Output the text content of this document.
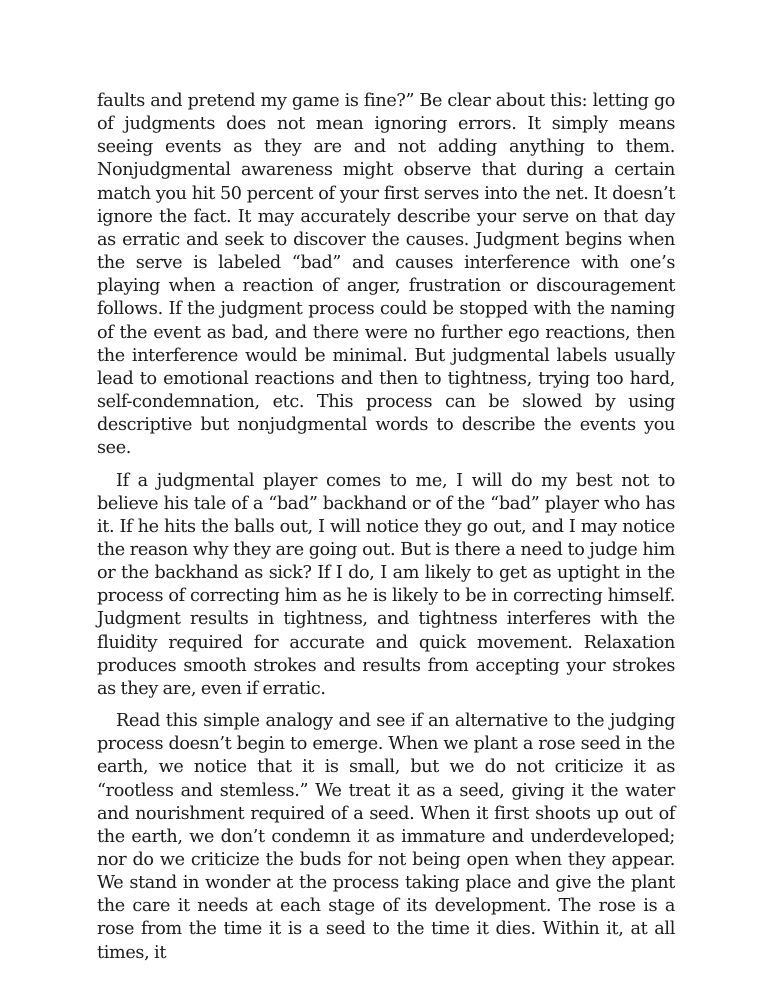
faults and pretend my game is fine?” Be clear about this: letting go of judgments does not mean ignoring errors. It simply means seeing events as they are and not adding anything to them. Nonjudgmental awareness might observe that during a certain match you hit 50 percent of your first serves into the net. It doesn’t ignore the fact. It may accurately describe your serve on that day as erratic and seek to discover the causes. Judgment begins when the serve is labeled “bad” and causes interference with one’s playing when a reaction of anger, frustration or discouragement follows. If the judgment process could be stopped with the naming of the event as bad, and there were no further ego reactions, then the interference would be minimal. But judgmental labels usually lead to emotional reactions and then to tightness, trying too hard, self-condemnation, etc. This process can be slowed by using descriptive but nonjudgmental words to describe the events you see.

If a judgmental player comes to me, I will do my best not to believe his tale of a “bad” backhand or of the “bad” player who has it. If he hits the balls out, I will notice they go out, and I may notice the reason why they are going out. But is there a need to judge him or the backhand as sick? If I do, I am likely to get as uptight in the process of correcting him as he is likely to be in correcting himself. Judgment results in tightness, and tightness interferes with the fluidity required for accurate and quick movement. Relaxation produces smooth strokes and results from accepting your strokes as they are, even if erratic.

Read this simple analogy and see if an alternative to the judging process doesn’t begin to emerge. When we plant a rose seed in the earth, we notice that it is small, but we do not criticize it as “rootless and stemless.” We treat it as a seed, giving it the water and nourishment required of a seed. When it first shoots up out of the earth, we don’t condemn it as immature and underdeveloped; nor do we criticize the buds for not being open when they appear. We stand in wonder at the process taking place and give the plant the care it needs at each stage of its development. The rose is a rose from the time it is a seed to the time it dies. Within it, at all times, it
